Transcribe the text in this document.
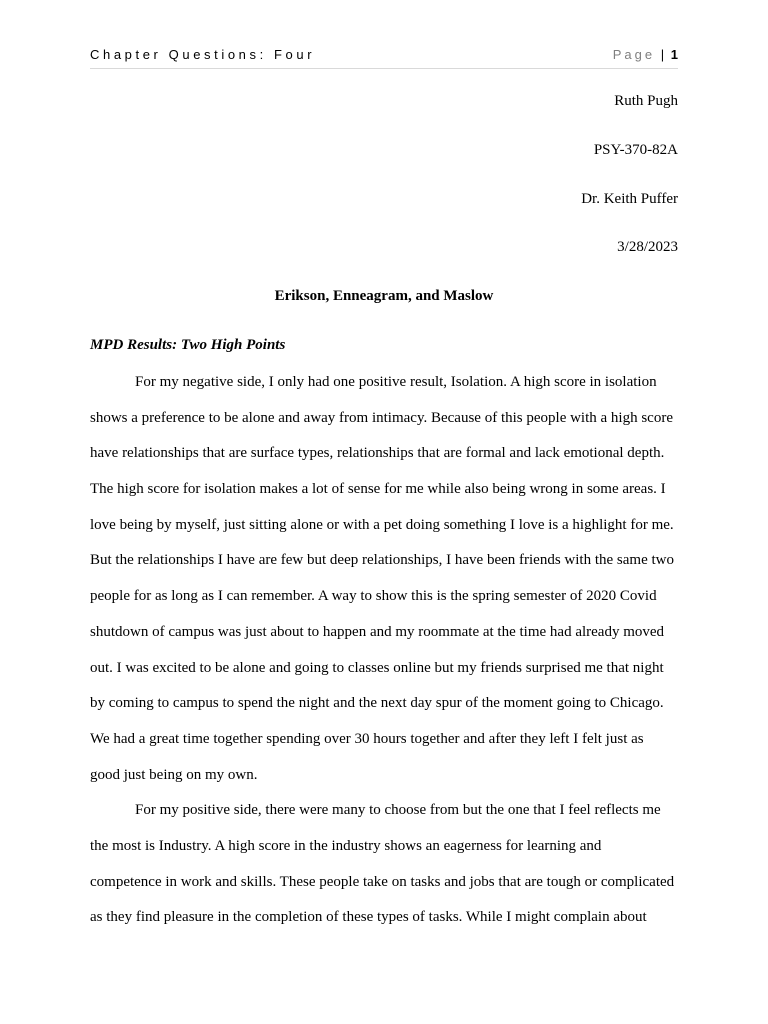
Chapter Questions: Four	Page | 1
Ruth Pugh
PSY-370-82A
Dr. Keith Puffer
3/28/2023
Erikson, Enneagram, and Maslow
MPD Results: Two High Points
For my negative side, I only had one positive result, Isolation. A high score in isolation
shows a preference to be alone and away from intimacy. Because of this people with a high score
have relationships that are surface types, relationships that are formal and lack emotional depth.
The high score for isolation makes a lot of sense for me while also being wrong in some areas. I
love being by myself, just sitting alone or with a pet doing something I love is a highlight for me.
But the relationships I have are few but deep relationships, I have been friends with the same two
people for as long as I can remember. A way to show this is the spring semester of 2020 Covid
shutdown of campus was just about to happen and my roommate at the time had already moved
out. I was excited to be alone and going to classes online but my friends surprised me that night
by coming to campus to spend the night and the next day spur of the moment going to Chicago.
We had a great time together spending over 30 hours together and after they left I felt just as
good just being on my own.
For my positive side, there were many to choose from but the one that I feel reflects me
the most is Industry. A high score in the industry shows an eagerness for learning and
competence in work and skills. These people take on tasks and jobs that are tough or complicated
as they find pleasure in the completion of these types of tasks. While I might complain about
